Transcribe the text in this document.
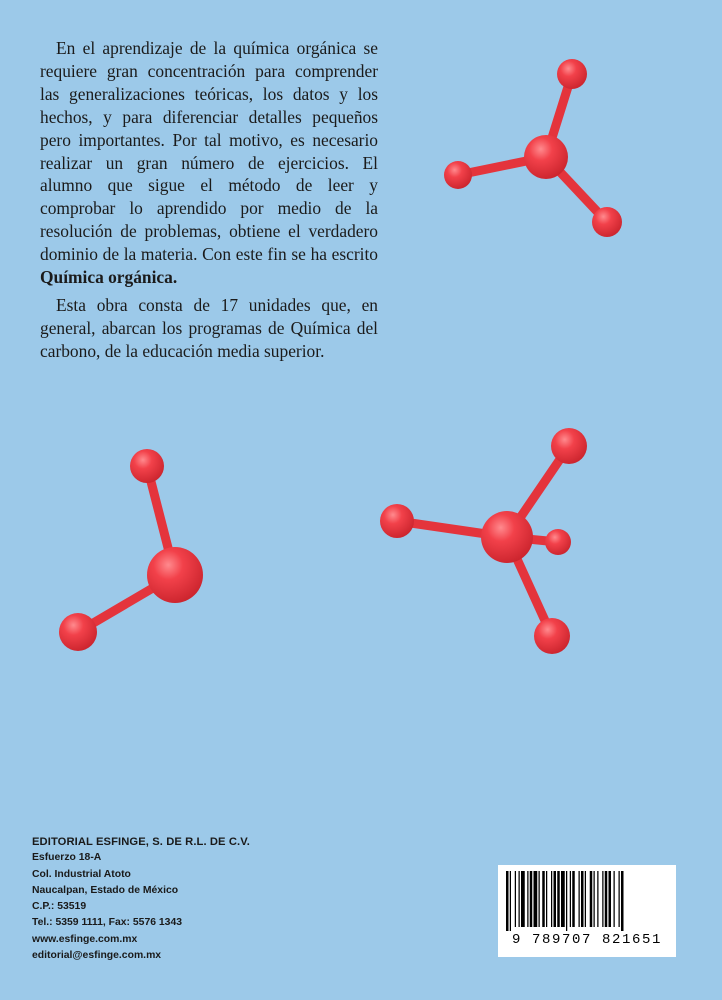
En el aprendizaje de la química orgánica se requiere gran concentración para comprender las generalizaciones teóricas, los datos y los hechos, y para diferenciar detalles pequeños pero importantes. Por tal motivo, es necesario realizar un gran número de ejercicios. El alumno que sigue el método de leer y comprobar lo aprendido por medio de la resolución de problemas, obtiene el verdadero dominio de la materia. Con este fin se ha escrito Química orgánica.

Esta obra consta de 17 unidades que, en general, abarcan los programas de Química del carbono, de la educación media superior.

EDITORIAL ESFINGE, S. DE R.L. DE C.V.
Esfuerzo 18-A
Col. Industrial Atoto
Naucalpan, Estado de México
C.P.: 53519
Tel.: 5359 1111, Fax: 5576 1343
www.esfinge.com.mx
editorial@esfinge.com.mx
9 789707 821651
